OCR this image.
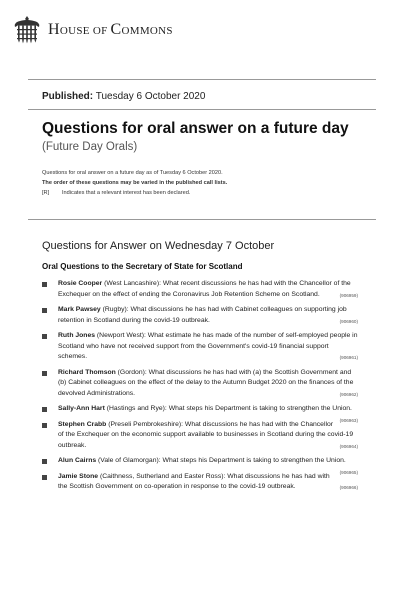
HOUSE OF COMMONS
Published: Tuesday 6 October 2020
Questions for oral answer on a future day
(Future Day Orals)
Questions for oral answer on a future day as of Tuesday 6 October 2020.
The order of these questions may be varied in the published call lists.
[R] Indicates that a relevant interest has been declared.
Questions for Answer on Wednesday 7 October
Oral Questions to the Secretary of State for Scotland
Rosie Cooper (West Lancashire): What recent discussions he has had with the Chancellor of the Exchequer on the effect of ending the Coronavirus Job Retention Scheme on Scotland.	(906959)
Mark Pawsey (Rugby): What discussions he has had with Cabinet colleagues on supporting job retention in Scotland during the covid-19 outbreak.	(906960)
Ruth Jones (Newport West): What estimate he has made of the number of self-employed people in Scotland who have not received support from the Government's covid-19 financial support schemes.	(906961)
Richard Thomson (Gordon): What discussions he has had with (a) the Scottish Government and (b) Cabinet colleagues on the effect of the delay to the Autumn Budget 2020 on the finances of the devolved Administrations.	(906962)
Sally-Ann Hart (Hastings and Rye): What steps his Department is taking to strengthen the Union.
(906963)
Stephen Crabb (Preseli Pembrokeshire): What discussions he has had with the Chancellor of the Exchequer on the economic support available to businesses in Scotland during the covid-19 outbreak.	(906964)
Alun Cairns (Vale of Glamorgan): What steps his Department is taking to strengthen the Union.
(906965)
Jamie Stone (Caithness, Sutherland and Easter Ross): What discussions he has had with the Scottish Government on co-operation in response to the covid-19 outbreak.	(906966)
